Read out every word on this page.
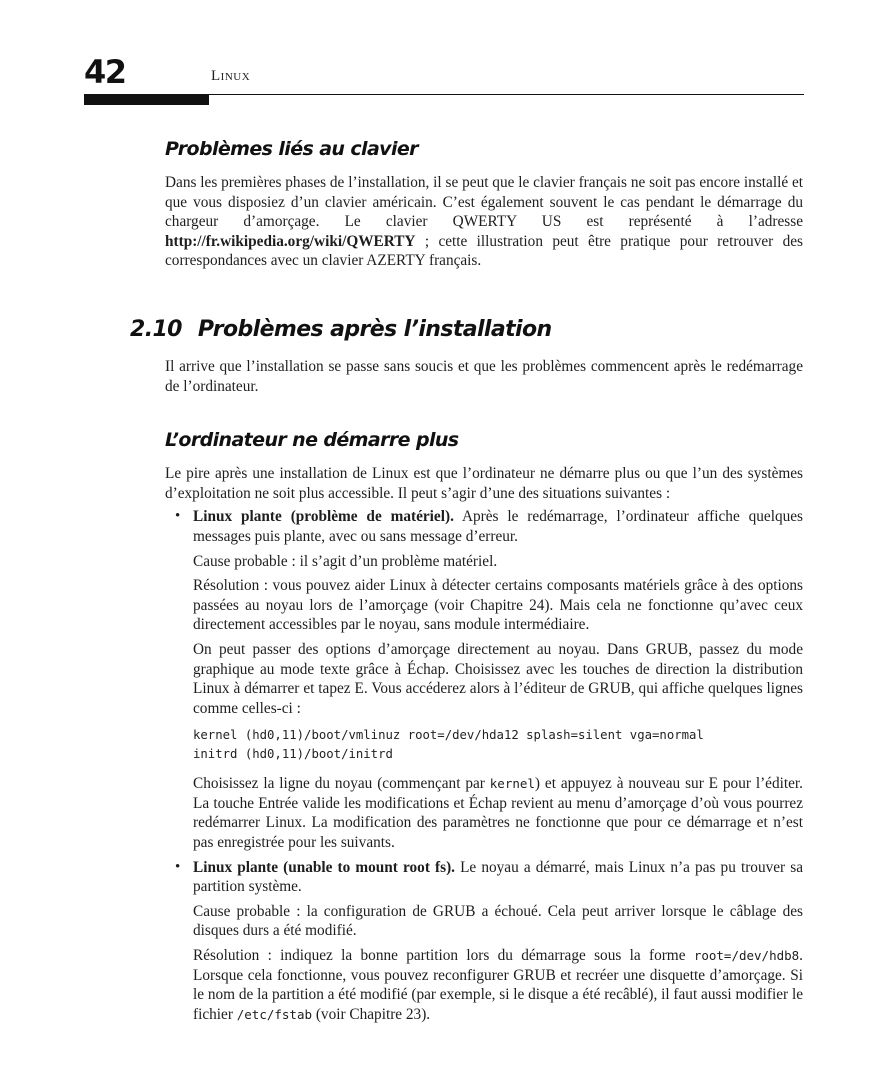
42	Linux
Problèmes liés au clavier

Dans les premières phases de l’installation, il se peut que le clavier français ne soit pas encore installé et que vous disposiez d’un clavier américain. C’est également souvent le cas pendant le démarrage du chargeur d’amorçage. Le clavier QWERTY US est représenté à l’adresse http://fr.wikipedia.org/wiki/QWERTY ; cette illustration peut être pratique pour retrouver des correspondances avec un clavier AZERTY français.

2.10 Problèmes après l’installation

Il arrive que l’installation se passe sans soucis et que les problèmes commencent après le redémarrage de l’ordinateur.

L’ordinateur ne démarre plus

Le pire après une installation de Linux est que l’ordinateur ne démarre plus ou que l’un des systèmes d’exploitation ne soit plus accessible. Il peut s’agir d’une des situations suivantes :

• Linux plante (problème de matériel). Après le redémarrage, l’ordinateur affiche quelques messages puis plante, avec ou sans message d’erreur.

Cause probable : il s’agit d’un problème matériel.

Résolution : vous pouvez aider Linux à détecter certains composants matériels grâce à des options passées au noyau lors de l’amorçage (voir Chapitre 24). Mais cela ne fonctionne qu’avec ceux directement accessibles par le noyau, sans module intermédiaire.

On peut passer des options d’amorçage directement au noyau. Dans GRUB, passez du mode graphique au mode texte grâce à Échap. Choisissez avec les touches de direction la distribution Linux à démarrer et tapez E. Vous accéderez alors à l’éditeur de GRUB, qui affiche quelques lignes comme celles-ci :

kernel (hd0,11)/boot/vmlinuz root=/dev/hda12 splash=silent vga=normal
initrd (hd0,11)/boot/initrd

Choisissez la ligne du noyau (commençant par kernel) et appuyez à nouveau sur E pour l’éditer. La touche Entrée valide les modifications et Échap revient au menu d’amorçage d’où vous pourrez redémarrer Linux. La modification des paramètres ne fonctionne que pour ce démarrage et n’est pas enregistrée pour les suivants.

• Linux plante (unable to mount root fs). Le noyau a démarré, mais Linux n’a pas pu trouver sa partition système.

Cause probable : la configuration de GRUB a échoué. Cela peut arriver lorsque le câblage des disques durs a été modifié.

Résolution : indiquez la bonne partition lors du démarrage sous la forme root=/dev/hdb8. Lorsque cela fonctionne, vous pouvez reconfigurer GRUB et recréer une disquette d’amorçage. Si le nom de la partition a été modifié (par exemple, si le disque a été recâblé), il faut aussi modifier le fichier /etc/fstab (voir Chapitre 23).
